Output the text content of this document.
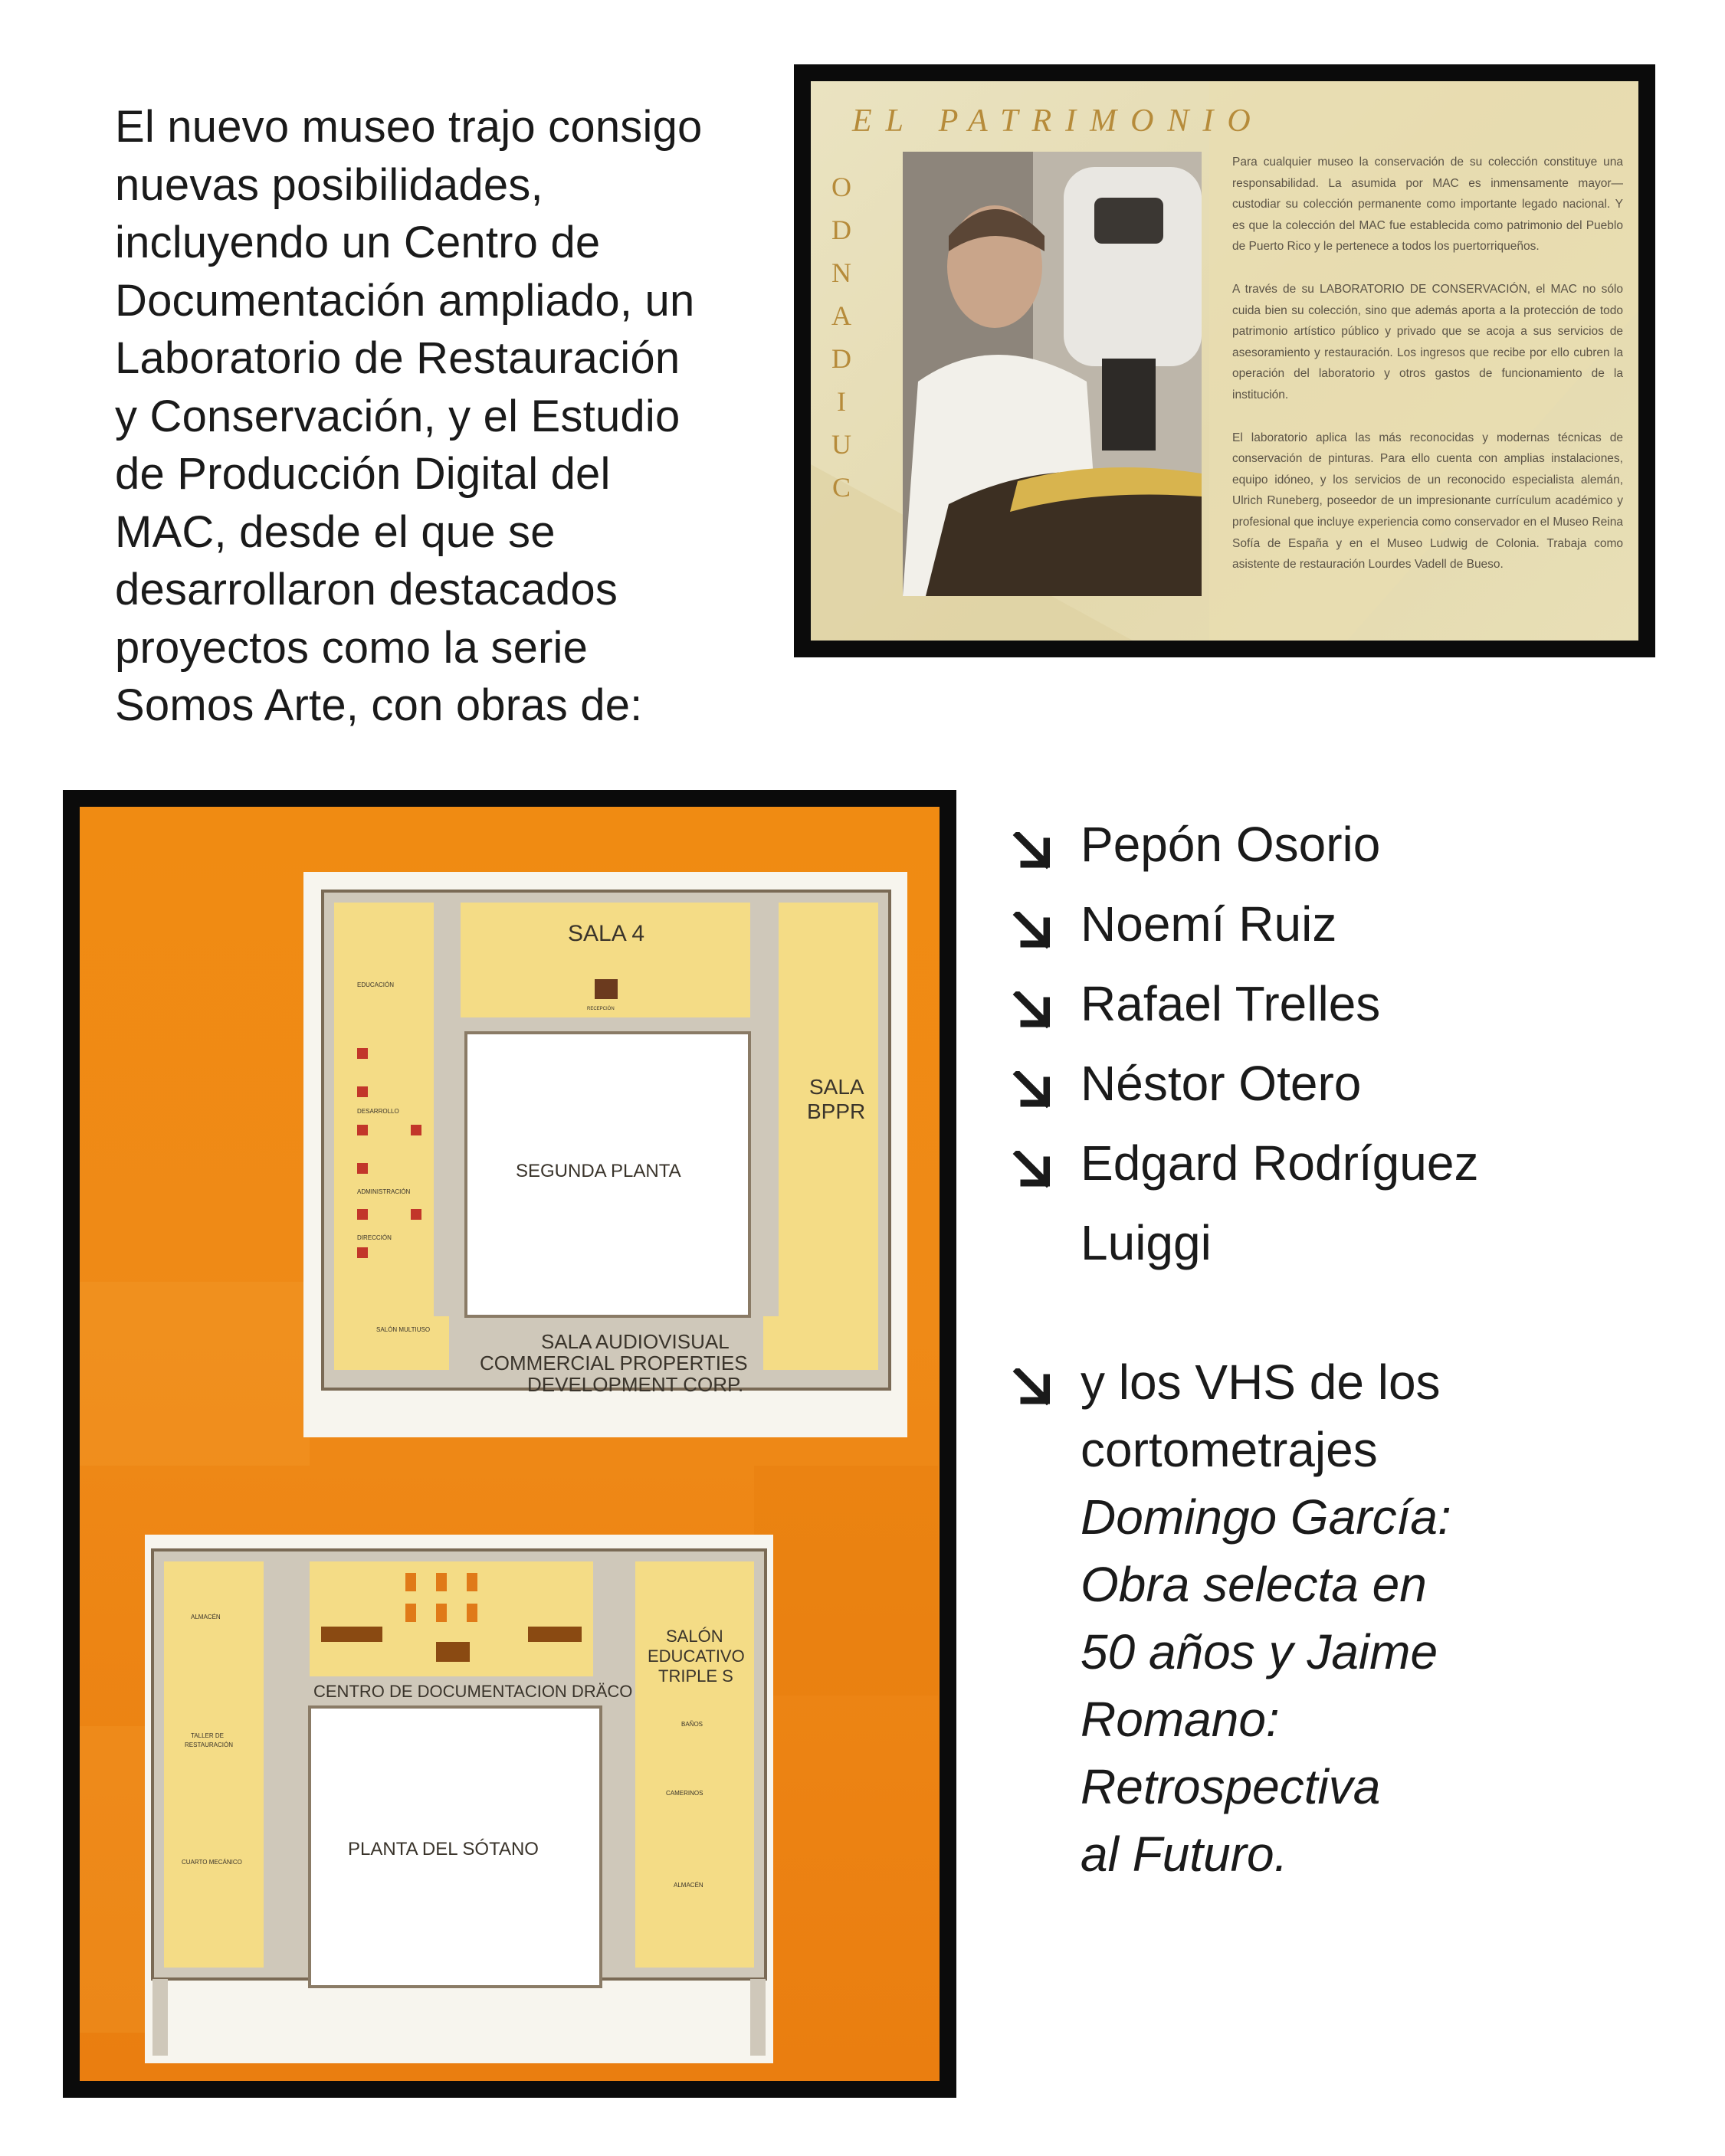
El nuevo museo trajo consigo
nuevas posibilidades,
incluyendo un Centro de
Documentación ampliado, un
Laboratorio de Restauración
y Conservación, y el Estudio
de Producción Digital del
MAC, desde el que se
desarrollaron destacados
proyectos como la serie
Somos Arte, con obras de:
EL PATRIMONIO
O
D
N
A
D
I
U
C

Para cualquier museo la conservación de su colección constituye una responsabilidad. La asumida por MAC es inmensamente mayor— custodiar su colección permanente como importante legado nacional. Y es que la colección del MAC fue establecida como patrimonio del Pueblo de Puerto Rico y le pertenece a todos los puertorriqueños.

A través de su LABORATORIO DE CONSERVACIÓN, el MAC no sólo cuida bien su colección, sino que además aporta a la protección de todo patrimonio artístico público y privado que se acoja a sus servicios de asesoramiento y restauración. Los ingresos que recibe por ello cubren la operación del laboratorio y otros gastos de funcionamiento de la institución.

El laboratorio aplica las más reconocidas y modernas técnicas de conservación de pinturas. Para ello cuenta con amplias instalaciones, equipo idóneo, y los servicios de un reconocido especialista alemán, Ulrich Runeberg, poseedor de un impresionante currículum académico y profesional que incluye experiencia como conservador en el Museo Reina Sofía de España y en el Museo Ludwig de Colonia. Trabaja como asistente de restauración Lourdes Vadell de Bueso.

SALA 4
SALA
BPPR
SEGUNDA PLANTA
SALA AUDIOVISUAL
COMMERCIAL PROPERTIES
DEVELOPMENT CORP.
EDUCACIÓN
DESARROLLO
ADMINISTRACIÓN
DIRECCIÓN
SALÓN MULTIUSO
RECEPCIÓN
SALÓN
EDUCATIVO
TRIPLE S
CENTRO DE DOCUMENTACION DRÄCO
PLANTA DEL SÓTANO
ALMACÉN
TALLER DE
RESTAURACIÓN
CUARTO MECÁNICO
ALMACÉN
BAÑOS
CAMERINOS
Pepón Osorio
Noemí Ruiz
Rafael Trelles
Néstor Otero
Edgard Rodríguez
Luiggi
y los VHS de los
cortometrajes
Domingo García:
Obra selecta en
50 años y Jaime
Romano:
Retrospectiva
al Futuro.
